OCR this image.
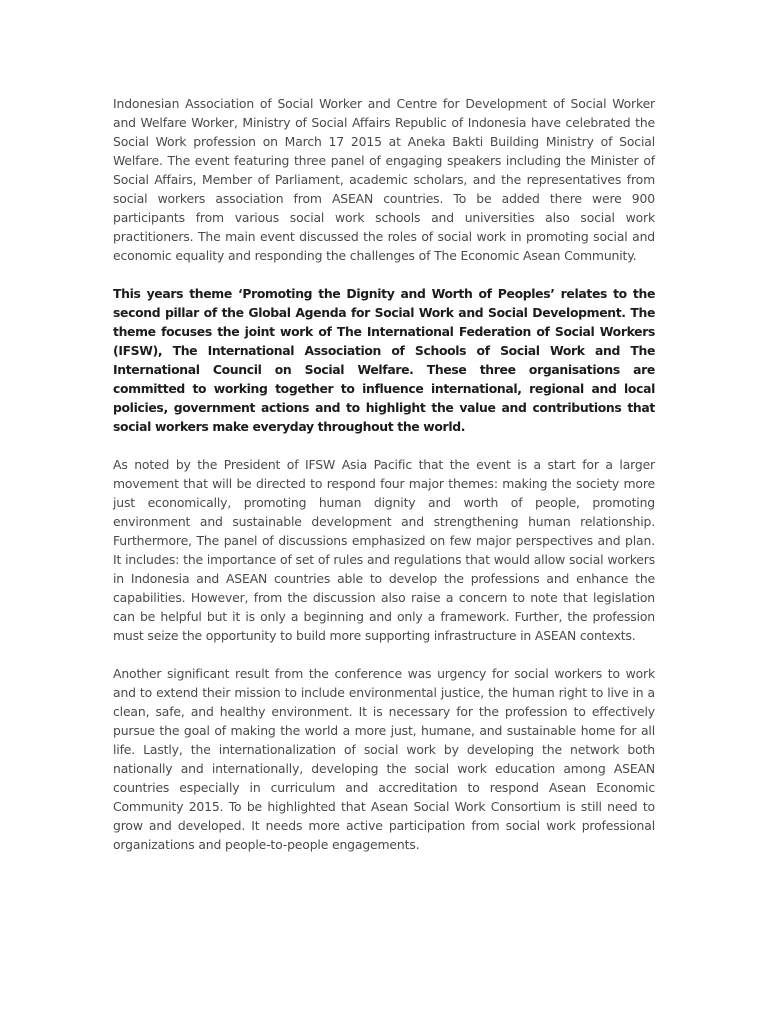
Indonesian Association of Social Worker and Centre for Development of Social Worker and Welfare Worker, Ministry of Social Affairs Republic of Indonesia have celebrated the Social Work profession on March 17 2015 at Aneka Bakti Building Ministry of Social Welfare. The event featuring three panel of engaging speakers including the Minister of Social Affairs, Member of Parliament, academic scholars, and the representatives from social workers association from ASEAN countries. To be added there were 900 participants from various social work schools and universities also social work practitioners. The main event discussed the roles of social work in promoting social and economic equality and responding the challenges of The Economic Asean Community.

This years theme ‘Promoting the Dignity and Worth of Peoples’ relates to the second pillar of the Global Agenda for Social Work and Social Development. The theme focuses the joint work of The International Federation of Social Workers (IFSW), The International Association of Schools of Social Work and The International Council on Social Welfare. These three organisations are committed to working together to influence international, regional and local policies, government actions and to highlight the value and contributions that social workers make everyday throughout the world.

As noted by the President of IFSW Asia Pacific that the event is a start for a larger movement that will be directed to respond four major themes: making the society more just economically, promoting human dignity and worth of people, promoting environment and sustainable development and strengthening human relationship. Furthermore, The panel of discussions emphasized on few major perspectives and plan. It includes: the importance of set of rules and regulations that would allow social workers in Indonesia and ASEAN countries able to develop the professions and enhance the capabilities. However, from the discussion also raise a concern to note that legislation can be helpful but it is only a beginning and only a framework. Further, the profession must seize the opportunity to build more supporting infrastructure in ASEAN contexts.

Another significant result from the conference was urgency for social workers to work and to extend their mission to include environmental justice, the human right to live in a clean, safe, and healthy environment. It is necessary for the profession to effectively pursue the goal of making the world a more just, humane, and sustainable home for all life. Lastly, the internationalization of social work by developing the network both nationally and internationally, developing the social work education among ASEAN countries especially in curriculum and accreditation to respond Asean Economic Community 2015. To be highlighted that Asean Social Work Consortium is still need to grow and developed. It needs more active participation from social work professional organizations and people-to-people engagements.
